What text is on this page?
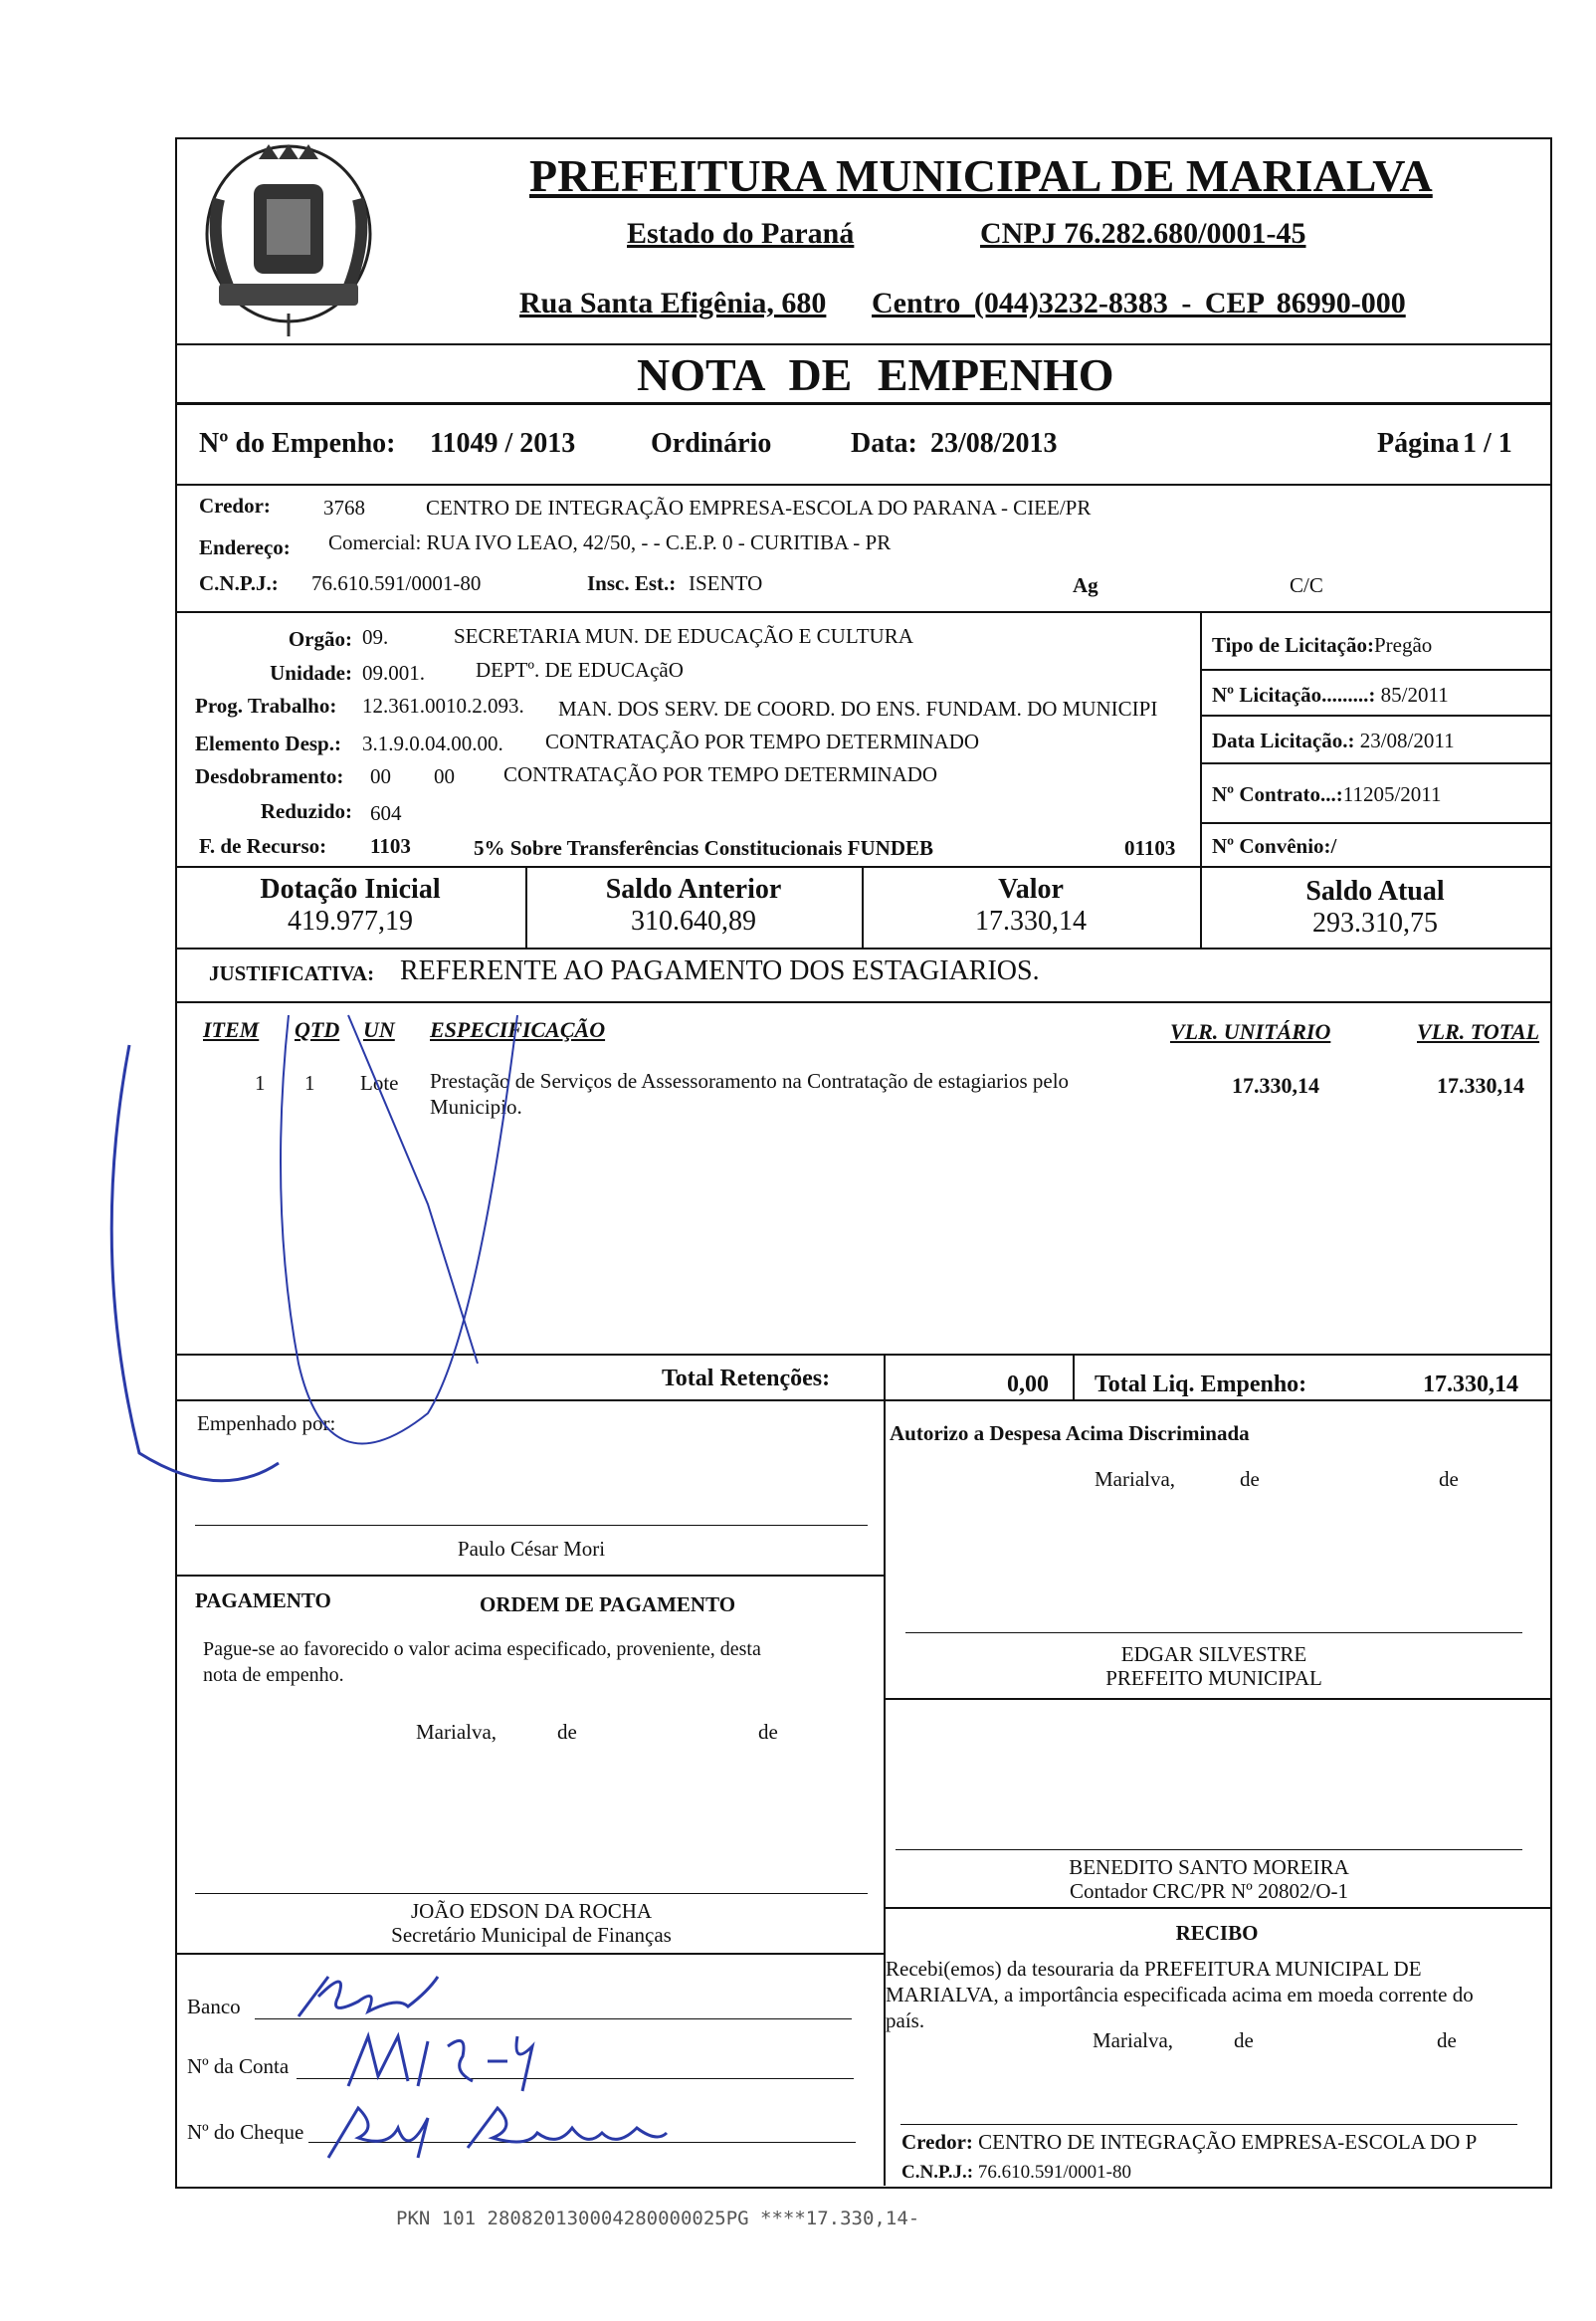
PREFEITURA MUNICIPAL DE MARIALVA
Estado do Paraná	CNPJ 76.282.680/0001-45
Rua Santa Efigênia, 680 Centro (044)3232-8383 - CEP 86990-000
NOTA DE EMPENHO
Nº do Empenho: 11049 / 2013	Ordinário	Data: 23/08/2013	Página 1 / 1
Credor:	3768	CENTRO DE INTEGRAÇÃO EMPRESA-ESCOLA DO PARANA - CIEE/PR
Endereço: Comercial: RUA IVO LEAO, 42/50, - - C.E.P. 0 - CURITIBA - PR
C.N.P.J.: 76.610.591/0001-80	Insc. Est.: ISENTO	Ag	C/C
Orgão: 09.	SECRETARIA MUN. DE EDUCAÇÃO E CULTURA
Unidade: 09.001. DEPTº. DE EDUCAçãO
Prog. Trabalho: 12.361.0010.2.093. MAN. DOS SERV. DE COORD. DO ENS. FUNDAM. DO MUNICIPI
Elemento Desp.: 3.1.9.0.04.00.00. CONTRATAÇÃO POR TEMPO DETERMINADO
Desdobramento: 00 00 CONTRATAÇÃO POR TEMPO DETERMINADO
Reduzido: 604
F. de Recurso: 1103	5% Sobre Transferências Constitucionais FUNDEB	01103
Tipo de Licitação:Pregão
Nº Licitação.........: 85/2011
Data Licitação.: 23/08/2011
Nº Contrato...:11205/2011
Nº Convênio:/
Dotação Inicial
419.977,19
Saldo Anterior
310.640,89
Valor
17.330,14
Saldo Atual
293.310,75
JUSTIFICATIVA: REFERENTE AO PAGAMENTO DOS ESTAGIARIOS.
ITEM QTD UN ESPECIFICAÇÃO	VLR. UNITÁRIO	VLR. TOTAL
1 1 Lote Prestação de Serviços de Assessoramento na Contratação de estagiarios pelo
Municipio.
17.330,14	17.330,14
Total Retenções:	0,00 Total Liq. Empenho:	17.330,14
Empenhado por:
Paulo César Mori
Autorizo a Despesa Acima Discriminada
Marialva,	de	de
PAGAMENTO	ORDEM DE PAGAMENTO
Pague-se ao favorecido o valor acima especificado, proveniente, desta
nota de empenho.
Marialva,	de	de
EDGAR SILVESTRE
PREFEITO MUNICIPAL
BENEDITO SANTO MOREIRA
Contador CRC/PR Nº 20802/O-1
JOÃO EDSON DA ROCHA
Secretário Municipal de Finanças	RECIBO
Recebi(emos) da tesouraria da PREFEITURA MUNICIPAL DE
MARIALVA, a importância especificada acima em moeda corrente do
país.
Marialva,	de	de
Credor: CENTRO DE INTEGRAÇÃO EMPRESA-ESCOLA DO P
C.N.P.J.: 76.610.591/0001-80
Banco
Nº da Conta
Nº do Cheque
PKN 101 280820130004280000025PG ****17.330,14-
